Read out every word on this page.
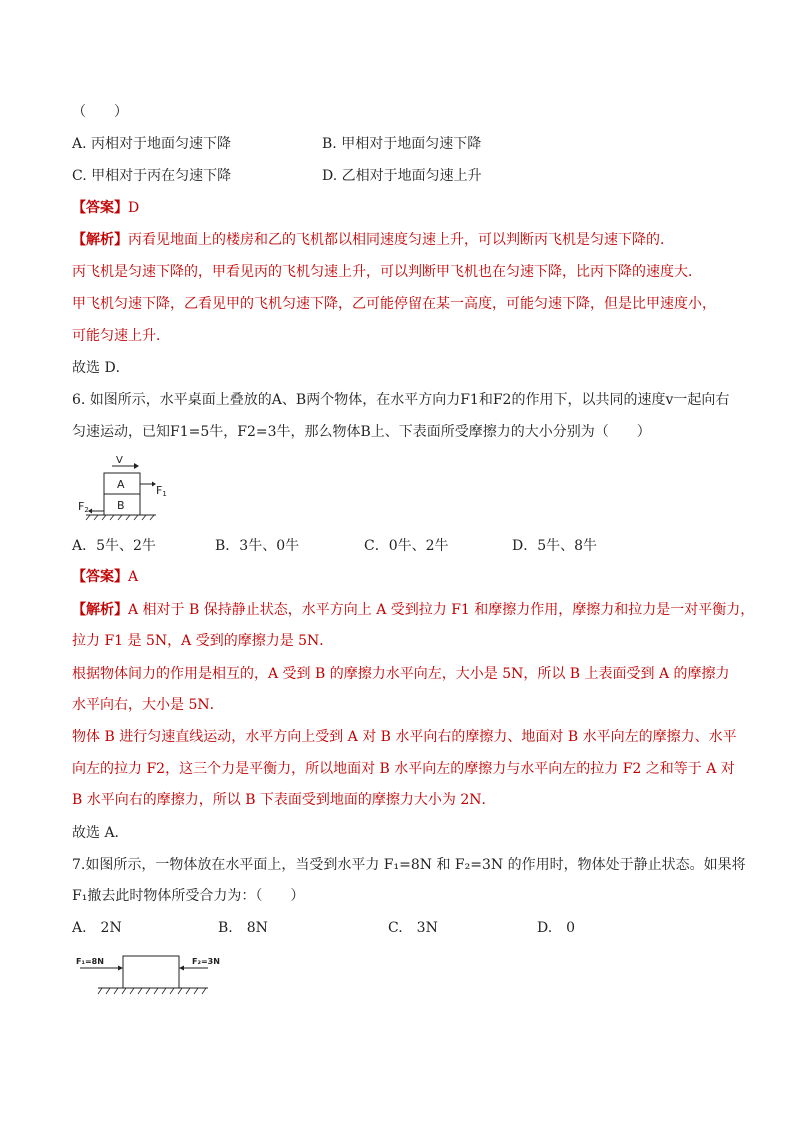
（　　）
A. 丙相对于地面匀速下降	B. 甲相对于地面匀速下降
C. 甲相对于丙在匀速下降	D. 乙相对于地面匀速上升
【答案】D
【解析】丙看见地面上的楼房和乙的飞机都以相同速度匀速上升，可以判断丙飞机是匀速下降的．
丙飞机是匀速下降的，甲看见丙的飞机匀速上升，可以判断甲飞机也在匀速下降，比丙下降的速度大．
甲飞机匀速下降，乙看见甲的飞机匀速下降，乙可能停留在某一高度，可能匀速下降，但是比甲速度小，
可能匀速上升．
故选 D．
6. 如图所示，水平桌面上叠放的A、B两个物体，在水平方向力F1和F2的作用下，以共同的速度v一起向右
匀速运动，已知F1=5牛，F2=3牛，那么物体B上、下表面所受摩擦力的大小分别为（　　）
V
A
B
F1
F2
A．5牛、2牛	B．3牛、0牛	C．0牛、2牛	D．5牛、8牛
【答案】A
【解析】A 相对于 B 保持静止状态，水平方向上 A 受到拉力 F1 和摩擦力作用，摩擦力和拉力是一对平衡力，
拉力 F1 是 5N，A 受到的摩擦力是 5N．
根据物体间力的作用是相互的，A 受到 B 的摩擦力水平向左，大小是 5N，所以 B 上表面受到 A 的摩擦力
水平向右，大小是 5N．
物体 B 进行匀速直线运动，水平方向上受到 A 对 B 水平向右的摩擦力、地面对 B 水平向左的摩擦力、水平
向左的拉力 F2，这三个力是平衡力，所以地面对 B 水平向左的摩擦力与水平向左的拉力 F2 之和等于 A 对
B 水平向右的摩擦力，所以 B 下表面受到地面的摩擦力大小为 2N．
故选 A．
7.如图所示，一物体放在水平面上，当受到水平力 F₁=8N 和 F₂=3N 的作用时，物体处于静止状态。如果将
F₁撤去此时物体所受合力为：（　　）
A.　2N	B.　8N	C.　3N	D.　0
F₁=8N	F₂=3N
